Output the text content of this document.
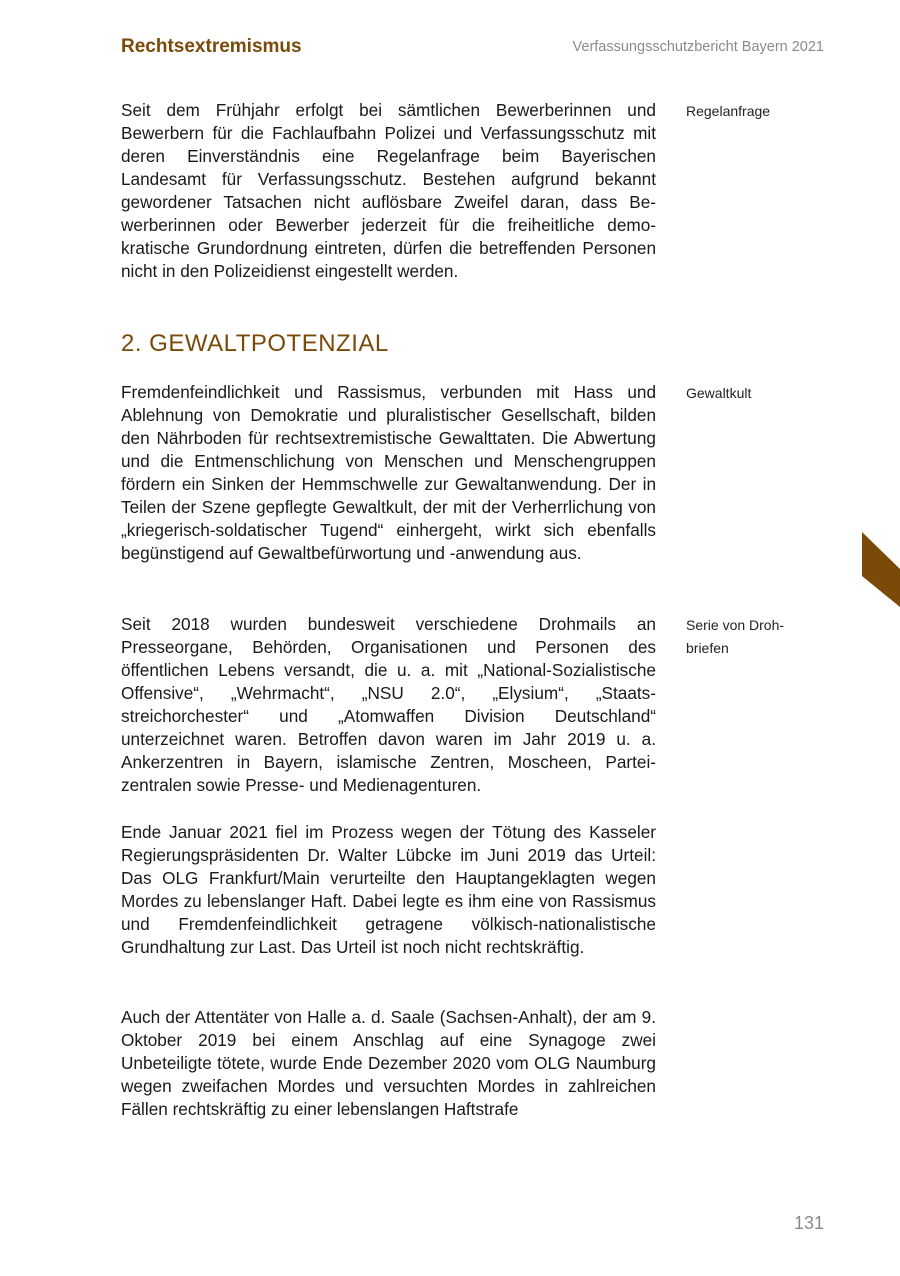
Rechtsextremismus	Verfassungsschutzbericht Bayern 2021

Seit dem Frühjahr erfolgt bei sämtlichen Bewerberinnen und Bewerbern für die Fachlaufbahn Polizei und Verfassungsschutz mit deren Einverständnis eine Regelanfrage beim Bayerischen Landesamt für Verfassungsschutz. Bestehen aufgrund bekannt gewordener Tatsachen nicht auflösbare Zweifel daran, dass Bewerberinnen oder Bewerber jederzeit für die freiheitliche demokratische Grundordnung eintreten, dürfen die betreffenden Personen nicht in den Polizeidienst eingestellt werden.

Regelanfrage
2. GEWALTPOTENZIAL

Fremdenfeindlichkeit und Rassismus, verbunden mit Hass und Ablehnung von Demokratie und pluralistischer Gesellschaft, bilden den Nährboden für rechtsextremistische Gewalttaten. Die Abwertung und die Entmenschlichung von Menschen und Menschengruppen fördern ein Sinken der Hemmschwelle zur Gewaltanwendung. Der in Teilen der Szene gepflegte Gewaltkult, der mit der Verherrlichung von „kriegerisch-soldatischer Tugend“ einhergeht, wirkt sich ebenfalls begünstigend auf Gewaltbefürwortung und -anwendung aus.

Gewaltkult

Seit 2018 wurden bundesweit verschiedene Drohmails an Presseorgane, Behörden, Organisationen und Personen des öffentlichen Lebens versandt, die u. a. mit „National-Sozialistische Offensive“, „Wehrmacht“, „NSU 2.0“, „Elysium“, „Staatsstreichorchester“ und „Atomwaffen Division Deutschland“ unterzeichnet waren. Betroffen davon waren im Jahr 2019 u. a. Ankerzentren in Bayern, islamische Zentren, Moscheen, Parteizentralen sowie Presse- und Medienagenturen.

Serie von Droh-
briefen

Ende Januar 2021 fiel im Prozess wegen der Tötung des Kasseler Regierungspräsidenten Dr. Walter Lübcke im Juni 2019 das Urteil: Das OLG Frankfurt/Main verurteilte den Hauptangeklagten wegen Mordes zu lebenslanger Haft. Dabei legte es ihm eine von Rassismus und Fremdenfeindlichkeit getragene völkisch-nationalistische Grundhaltung zur Last. Das Urteil ist noch nicht rechtskräftig.

Auch der Attentäter von Halle a. d. Saale (Sachsen-Anhalt), der am 9. Oktober 2019 bei einem Anschlag auf eine Synagoge zwei Unbeteiligte tötete, wurde Ende Dezember 2020 vom OLG Naumburg wegen zweifachen Mordes und versuchten Mordes in zahlreichen Fällen rechtskräftig zu einer lebenslangen Haftstrafe

131
